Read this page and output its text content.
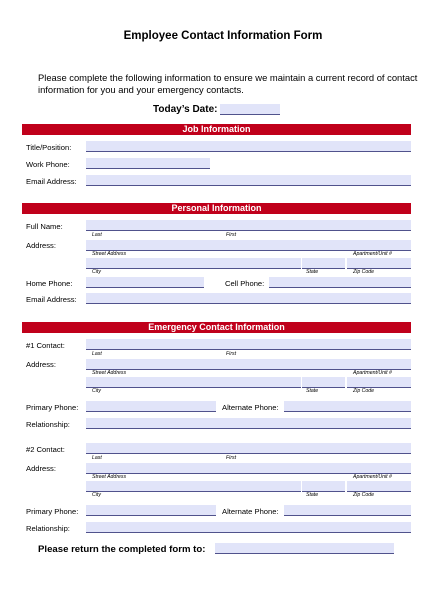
Employee Contact Information Form
Please complete the following information to ensure we maintain a current record of contact information for you and your emergency contacts.
Today’s Date:
Job Information
Title/Position:
Work Phone:
Email Address:
Personal Information
Full Name:
Last	First
Address:
Street Address	Apartment/Unit #
City	State	Zip Code
Home Phone:	Cell Phone:
Email Address:
Emergency Contact Information
#1 Contact:
Last	First
Address:
Street Address	Apartment/Unit #
City	State	Zip Code
Primary Phone:	Alternate Phone:
Relationship:
#2 Contact:
Last	First
Address:
Street Address	Apartment/Unit #
City	State	Zip Code
Primary Phone:	Alternate Phone:
Relationship:
Please return the completed form to:
